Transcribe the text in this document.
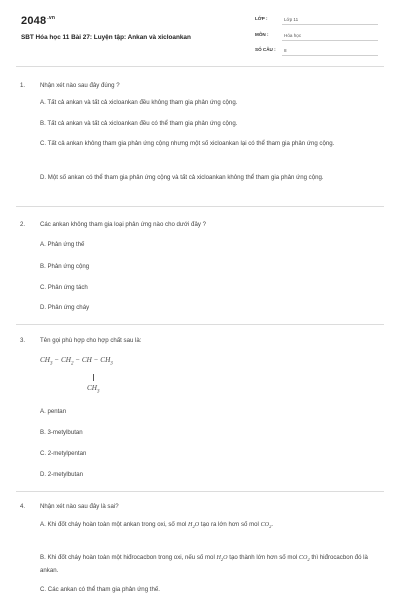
$2048^{.vn}$
SBT Hóa học 11 Bài 27: Luyện tập: Ankan và xicloankan
LỚP :	Lớp 11
MÔN :	Hóa học
SỐ CÂU :	8
1. Nhận xét nào sau đây đúng ?
A. Tất cả ankan và tất cả xicloankan đều không tham gia phản ứng cộng.
B. Tất cả ankan và tất cả xicloankan đều có thể tham gia phản ứng cộng.
C. Tất cả ankan không tham gia phản ứng cộng nhưng một số xicloankan lại có thể tham gia phản ứng cộng.
D. Một số ankan có thể tham gia phản ứng cộng và tất cả xicloankan không thể tham gia phản ứng cộng.
2. Các ankan không tham gia loại phản ứng nào cho dưới đây ?
A. Phản ứng thế
B. Phản ứng cộng
C. Phản ứng tách
D. Phản ứng cháy
3. Tên gọi phù hợp cho hợp chất sau là:
$CH_3 - CH_2$ − CH − $CH_3$
$CH_3$
A. pentan
B. 3-metylbutan
C. 2-metylpentan
D. 2-metylbutan
4. Nhận xét nào sau đây là sai?
A. Khi đốt cháy hoàn toàn một ankan trong oxi, số mol $H_2O$ tạo ra lớn hơn số mol $CO_2$.
B. Khi đốt cháy hoàn toàn một hiđrocacbon trong oxi, nếu số mol $H_2O$ tạo thành lớn hơn số mol $CO_2$ thì hiđrocacbon đó là ankan.
C. Các ankan có thể tham gia phản ứng thế.
